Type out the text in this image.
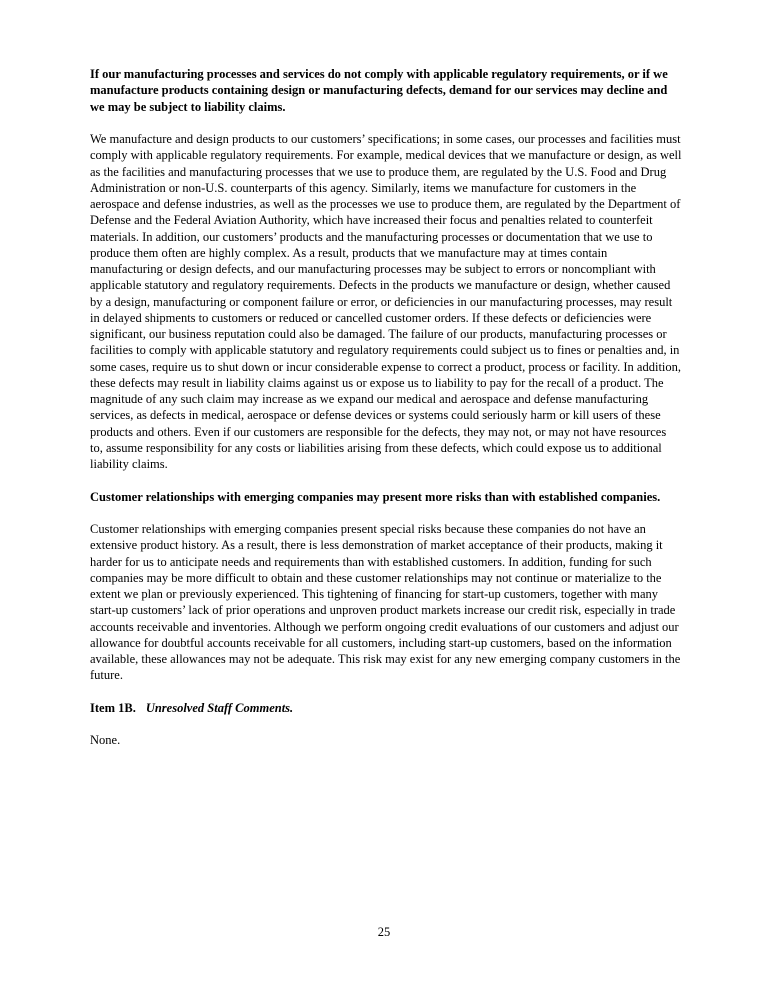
If our manufacturing processes and services do not comply with applicable regulatory requirements, or if we manufacture products containing design or manufacturing defects, demand for our services may decline and we may be subject to liability claims.

We manufacture and design products to our customers’ specifications; in some cases, our processes and facilities must comply with applicable regulatory requirements. For example, medical devices that we manufacture or design, as well as the facilities and manufacturing processes that we use to produce them, are regulated by the U.S. Food and Drug Administration or non-U.S. counterparts of this agency. Similarly, items we manufacture for customers in the aerospace and defense industries, as well as the processes we use to produce them, are regulated by the Department of Defense and the Federal Aviation Authority, which have increased their focus and penalties related to counterfeit materials. In addition, our customers’ products and the manufacturing processes or documentation that we use to produce them often are highly complex. As a result, products that we manufacture may at times contain manufacturing or design defects, and our manufacturing processes may be subject to errors or noncompliant with applicable statutory and regulatory requirements. Defects in the products we manufacture or design, whether caused by a design, manufacturing or component failure or error, or deficiencies in our manufacturing processes, may result in delayed shipments to customers or reduced or cancelled customer orders. If these defects or deficiencies were significant, our business reputation could also be damaged. The failure of our products, manufacturing processes or facilities to comply with applicable statutory and regulatory requirements could subject us to fines or penalties and, in some cases, require us to shut down or incur considerable expense to correct a product, process or facility. In addition, these defects may result in liability claims against us or expose us to liability to pay for the recall of a product. The magnitude of any such claim may increase as we expand our medical and aerospace and defense manufacturing services, as defects in medical, aerospace or defense devices or systems could seriously harm or kill users of these products and others. Even if our customers are responsible for the defects, they may not, or may not have resources to, assume responsibility for any costs or liabilities arising from these defects, which could expose us to additional liability claims.

Customer relationships with emerging companies may present more risks than with established companies.

Customer relationships with emerging companies present special risks because these companies do not have an extensive product history. As a result, there is less demonstration of market acceptance of their products, making it harder for us to anticipate needs and requirements than with established customers. In addition, funding for such companies may be more difficult to obtain and these customer relationships may not continue or materialize to the extent we plan or previously experienced. This tightening of financing for start-up customers, together with many start-up customers’ lack of prior operations and unproven product markets increase our credit risk, especially in trade accounts receivable and inventories. Although we perform ongoing credit evaluations of our customers and adjust our allowance for doubtful accounts receivable for all customers, including start-up customers, based on the information available, these allowances may not be adequate. This risk may exist for any new emerging company customers in the future.

Item 1B. Unresolved Staff Comments.

None.

25
